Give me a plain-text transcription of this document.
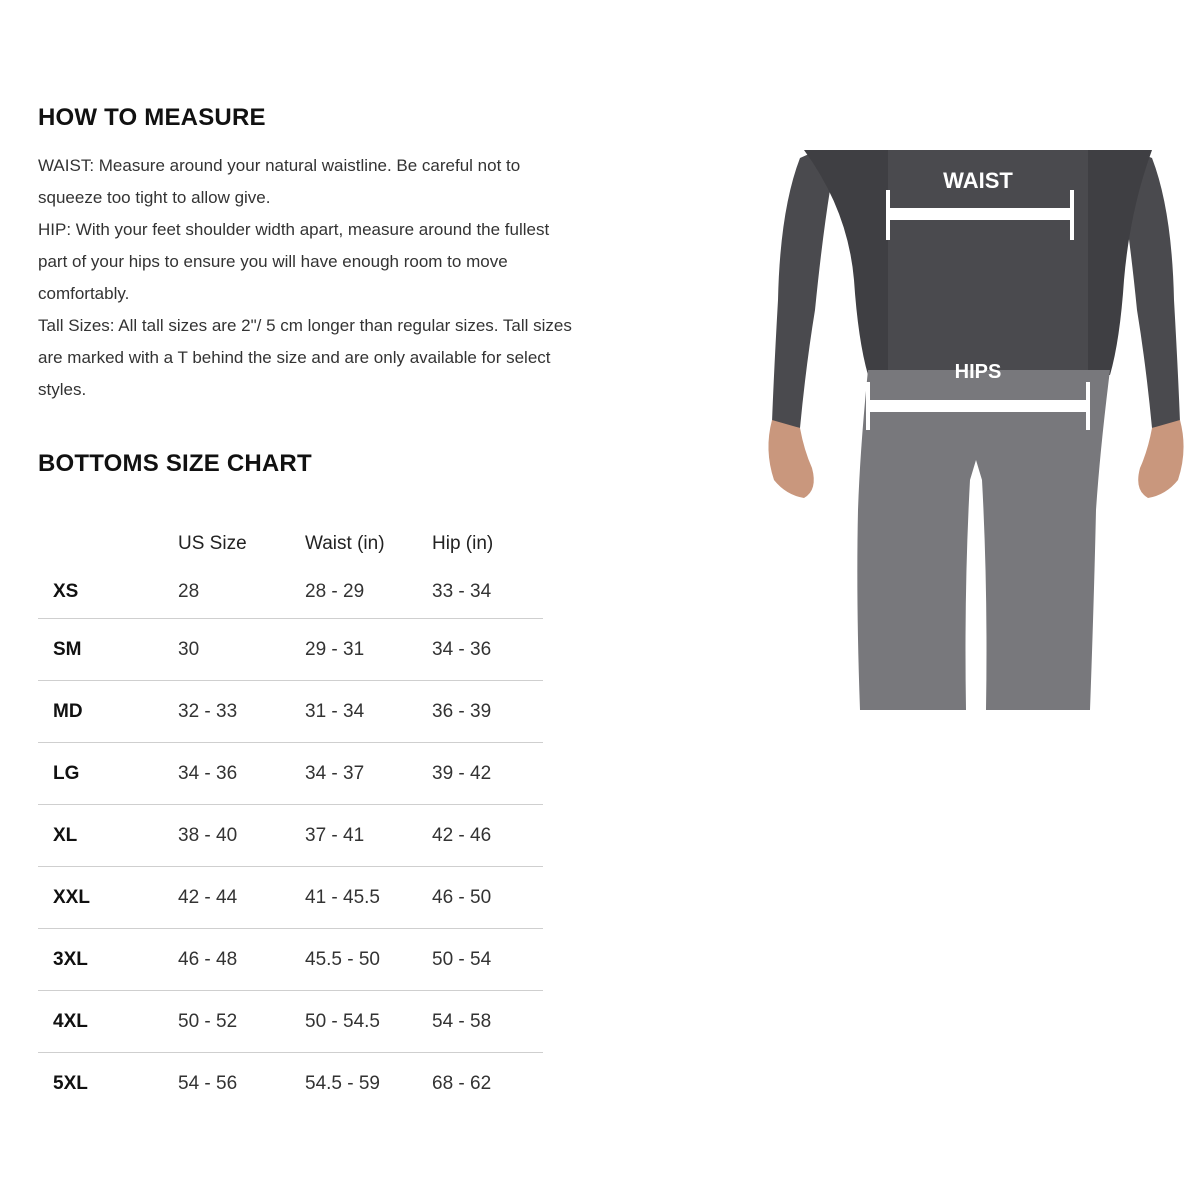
HOW TO MEASURE
WAIST: Measure around your natural waistline. Be careful not to
squeeze too tight to allow give.
HIP: With your feet shoulder width apart, measure around the fullest
part of your hips to ensure you will have enough room to move
comfortably.
Tall Sizes: All tall sizes are 2"/ 5 cm longer than regular sizes. Tall sizes
are marked with a T behind the size and are only available for select
styles.
BOTTOMS SIZE CHART
	US Size	Waist (in)	Hip (in)
XS	28	28 - 29	33 - 34
SM	30	29 - 31	34 - 36
MD	32 - 33	31 - 34	36 - 39
LG	34 - 36	34 - 37	39 - 42
XL	38 - 40	37 - 41	42 - 46
XXL	42 - 44	41 - 45.5	46 - 50
3XL	46 - 48	45.5 - 50	50 - 54
4XL	50 - 52	50 - 54.5	54 - 58
5XL	54 - 56	54.5 - 59	68 - 62
WAIST
HIPS
